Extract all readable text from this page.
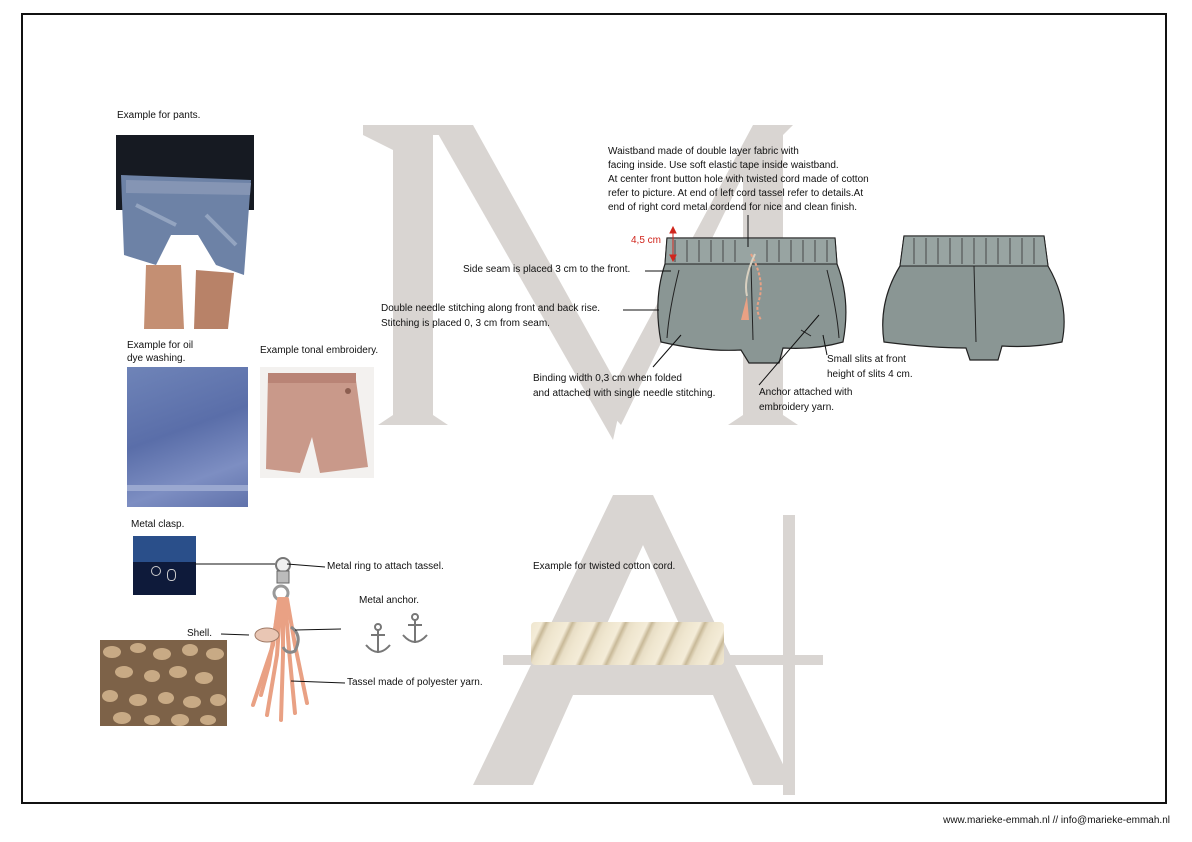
Example for pants.
Example for oil
dye washing.
Example tonal embroidery.
Metal clasp.
Metal ring to attach tassel.
Metal anchor.
Shell.
Tassel made of polyester yarn.
Example for twisted cotton cord.
Waistband made of double layer fabric with
facing inside. Use soft elastic tape inside waistband.
At center front button hole with twisted cord made of cotton
refer to picture. At end of left cord tassel refer to details.At
end of right cord metal cordend for nice and clean finish.
4,5 cm
Side seam is placed 3 cm to the front.
Double needle stitching along front and back rise.
Stitching is placed 0, 3 cm from seam.
Binding width 0,3 cm when folded
and attached with single needle stitching.	Anchor attached with
embroidery yarn.
Small slits at front
height of slits 4 cm.
www.marieke-emmah.nl // info@marieke-emmah.nl
